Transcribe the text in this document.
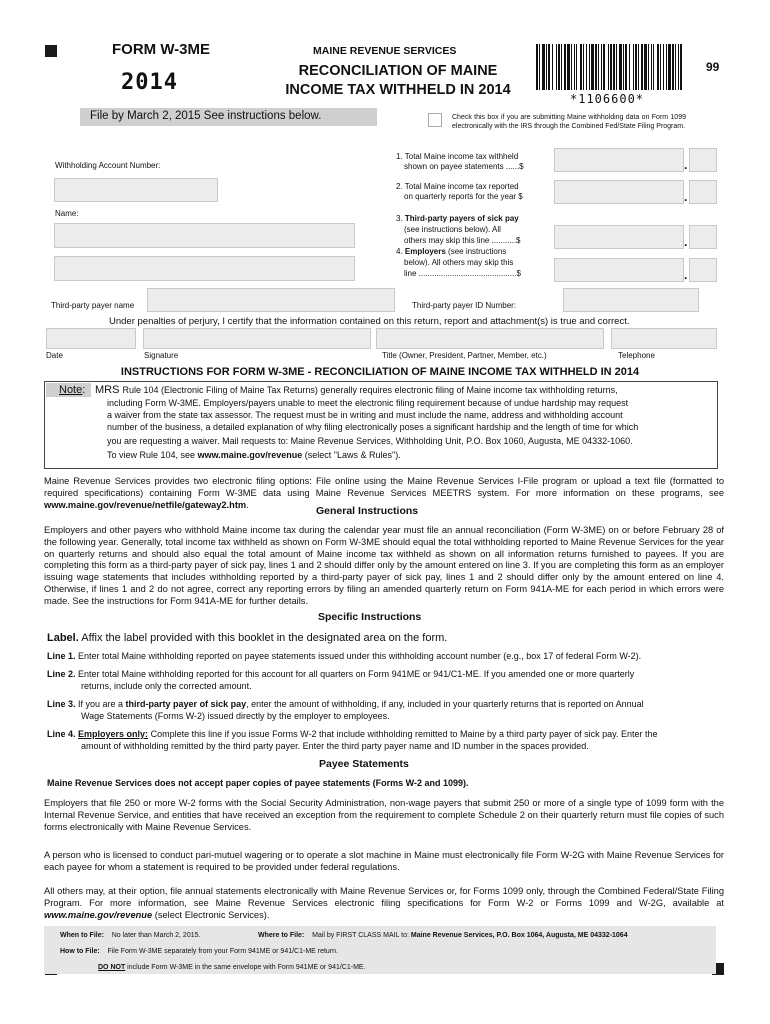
FORM W-3ME
2014
MAINE REVENUE SERVICES
RECONCILIATION OF MAINE
INCOME TAX WITHHELD IN 2014
File by March 2, 2015 See instructions below.
*1106600*
99
Check this box if you are submitting Maine withholding data on Form 1099 electronically with the IRS through the Combined Fed/State Filing Program.
Withholding Account Number:
Name:
1. Total Maine income tax withheld
shown on payee statements ......$	.
2. Total Maine income tax reported
on quarterly reports for the year $	.
3. Third-party payers of sick pay
(see instructions below). All
others may skip this line ...........$	.
4. Employers (see instructions
below). All others may skip this
line ............................................$	.
Third-party payer name	Third-party payer ID Number:
Under penalties of perjury, I certify that the information contained on this return, report and attachment(s) is true and correct.
Date	Signature	Title (Owner, President, Partner, Member, etc.)	Telephone
INSTRUCTIONS FOR FORM W-3ME - RECONCILIATION OF MAINE INCOME TAX WITHHELD IN 2014
Note: MRS Rule 104 (Electronic Filing of Maine Tax Returns) generally requires electronic filing of Maine income tax withholding returns,
including Form W-3ME. Employers/payers unable to meet the electronic filing requirement because of undue hardship may request
a waiver from the state tax assessor. The request must be in writing and must include the name, address and withholding account
number of the business, a detailed explanation of why filing electronically poses a significant hardship and the length of time for which
you are requesting a waiver. Mail requests to: Maine Revenue Services, Withholding Unit, P.O. Box 1060, Augusta, ME 04332-1060.
To view Rule 104, see www.maine.gov/revenue (select "Laws & Rules").
Maine Revenue Services provides two electronic filing options: File online using the Maine Revenue Services I-File program or upload a text file (formatted to required specifications) containing Form W-3ME data using Maine Revenue Services MEETRS system. For more information on these programs, see www.maine.gov/revenue/netfile/gateway2.htm.
General Instructions
Employers and other payers who withhold Maine income tax during the calendar year must file an annual reconciliation (Form W-3ME) on or before February 28 of the following year. Generally, total income tax withheld as shown on Form W-3ME should equal the total withholding reported to Maine Revenue Services for the year on quarterly returns and should also equal the total amount of Maine income tax withheld as shown on all information returns furnished to payees. If you are completing this form as a third-party payer of sick pay, lines 1 and 2 should differ only by the amount entered on line 3. If you are completing this form as an employer issuing wage statements that includes withholding reported by a third-party payer of sick pay, lines 1 and 2 should differ only by the amount entered on line 4. Otherwise, if lines 1 and 2 do not agree, correct any reporting errors by filing an amended quarterly return on Form 941A-ME for each period in which errors were made. See the instructions for Form 941A-ME for further details.
Specific Instructions
Label. Affix the label provided with this booklet in the designated area on the form.
Line 1. Enter total Maine withholding reported on payee statements issued under this withholding account number (e.g., box 17 of federal Form W-2).
Line 2. Enter total Maine withholding reported for this account for all quarters on Form 941ME or 941/C1-ME. If you amended one or more quarterly
returns, include only the corrected amount.
Line 3. If you are a third-party payer of sick pay, enter the amount of withholding, if any, included in your quarterly returns that is reported on Annual
Wage Statements (Forms W-2) issued directly by the employer to employees.
Line 4. Employers only: Complete this line if you issue Forms W-2 that include withholding remitted to Maine by a third party payer of sick pay. Enter the
amount of withholding remitted by the third party payer. Enter the third party payer name and ID number in the spaces provided.
Payee Statements
Maine Revenue Services does not accept paper copies of payee statements (Forms W-2 and 1099).
Employers that file 250 or more W-2 forms with the Social Security Administration, non-wage payers that submit 250 or more of a single type of 1099 form with the Internal Revenue Service, and entities that have received an exception from the requirement to complete Schedule 2 on their quarterly return must file copies of such forms electronically with Maine Revenue Services.
A person who is licensed to conduct pari-mutuel wagering or to operate a slot machine in Maine must electronically file Form W-2G with Maine Revenue Services for each payee for whom a statement is required to be provided under federal regulations.
All others may, at their option, file annual statements electronically with Maine Revenue Services or, for Forms 1099 only, through the Combined Federal/State Filing Program. For more information, see Maine Revenue Services electronic filing specifications for Form W-2 or Forms 1099 and W-2G, available at www.maine.gov/revenue (select Electronic Services).
When to File: No later than March 2, 2015.	Where to File: Mail by FIRST CLASS MAIL to: Maine Revenue Services, P.O. Box 1064, Augusta, ME 04332-1064
How to File: File Form W-3ME separately from your Form 941ME or 941/C1-ME return.
DO NOT include Form W-3ME in the same envelope with Form 941ME or 941/C1-ME.
